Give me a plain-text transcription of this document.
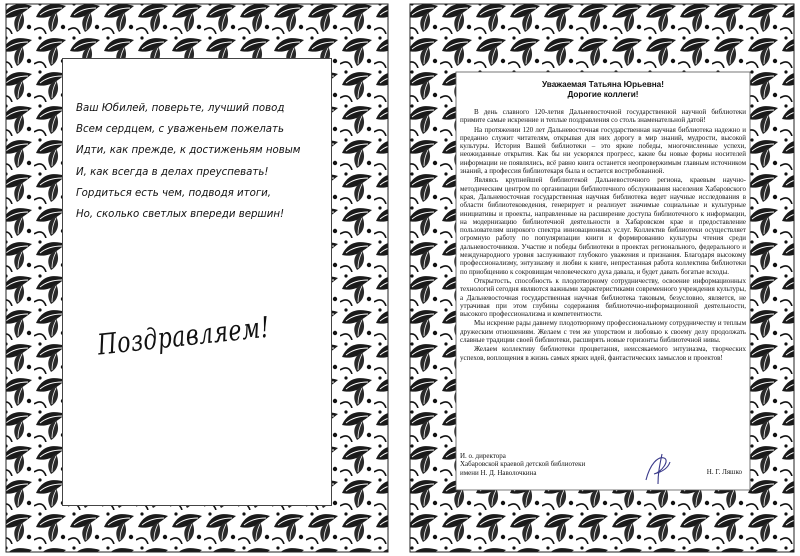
Ваш Юбилей, поверьте, лучший повод
Всем сердцем, с уваженьем пожелать
Идти, как прежде, к достиженьям новым
И, как всегда в делах преуспевать!
Гордиться есть чем, подводя итоги,
Но, сколько светлых впереди вершин!
Поздравляем!
Уважаемая Татьяна Юрьевна!
Дорогие коллеги!

В день славного 120-летия Дальневосточной государственной научной библиотеки примите самые искренние и теплые поздравления со столь знаменательной датой!

На протяжении 120 лет Дальневосточная государственная научная библиотека надежно и преданно служит читателям, открывая для них дорогу в мир знаний, мудрости, высокой культуры. История Вашей библиотеки – это яркие победы, многочисленные успехи, неожиданные открытия. Как бы ни ускорялся прогресс, какие бы новые формы носителей информации не появлялись, всё равно книга останется неопровержимым главным источником знаний, а профессия библиотекаря была и остается востребованной.

Являясь крупнейшей библиотекой Дальневосточного региона, краевым научно-методическим центром по организации библиотечного обслуживания населения Хабаровского края, Дальневосточная государственная научная библиотека ведет научные исследования в области библиотековедения, генерирует и реализует значимые социальные и культурные инициативы и проекты, направленные на расширение доступа библиотечного к информации, на модернизацию библиотечной деятельности в Хабаровском крае и предоставление пользователям широкого спектра инновационных услуг. Коллектив библиотеки осуществляет огромную работу по популяризации книги и формированию культуры чтения среди дальневосточников. Участие и победы библиотеки в проектах регионального, федерального и международного уровня заслуживают глубокого уважения и признания. Благодаря высокому профессионализму, энтузиазму и любви к книге, непрестанная работа коллектива библиотеки по приобщению к сокровищам человеческого духа давала, и будет давать богатые всходы.

Открытость, способность к плодотворному сотрудничеству, освоение информационных технологий сегодня являются важными характеристиками современного учреждения культуры, а Дальневосточная государственная научная библиотека таковым, безусловно, является, не утрачивая при этом глубины содержания библиотечно-информационной деятельности, высокого профессионализма и компетентности.

Мы искренне рады давнему плодотворному профессиональному сотрудничеству и теплым дружеским отношениям. Желаем с тем же упорством и любовью к своему делу продолжать славные традиции своей библиотеки, расширять новые горизонты библиотечной нивы.

Желаем коллективу библиотеки процветания, неиссякаемого энтузиазма, творческих успехов, воплощения в жизнь самых ярких идей, фантастических замыслов и проектов!

И. о. директора
Хабаровской краевой детской библиотеки
имени Н. Д. Наволочкина	Н. Г. Ляшко
